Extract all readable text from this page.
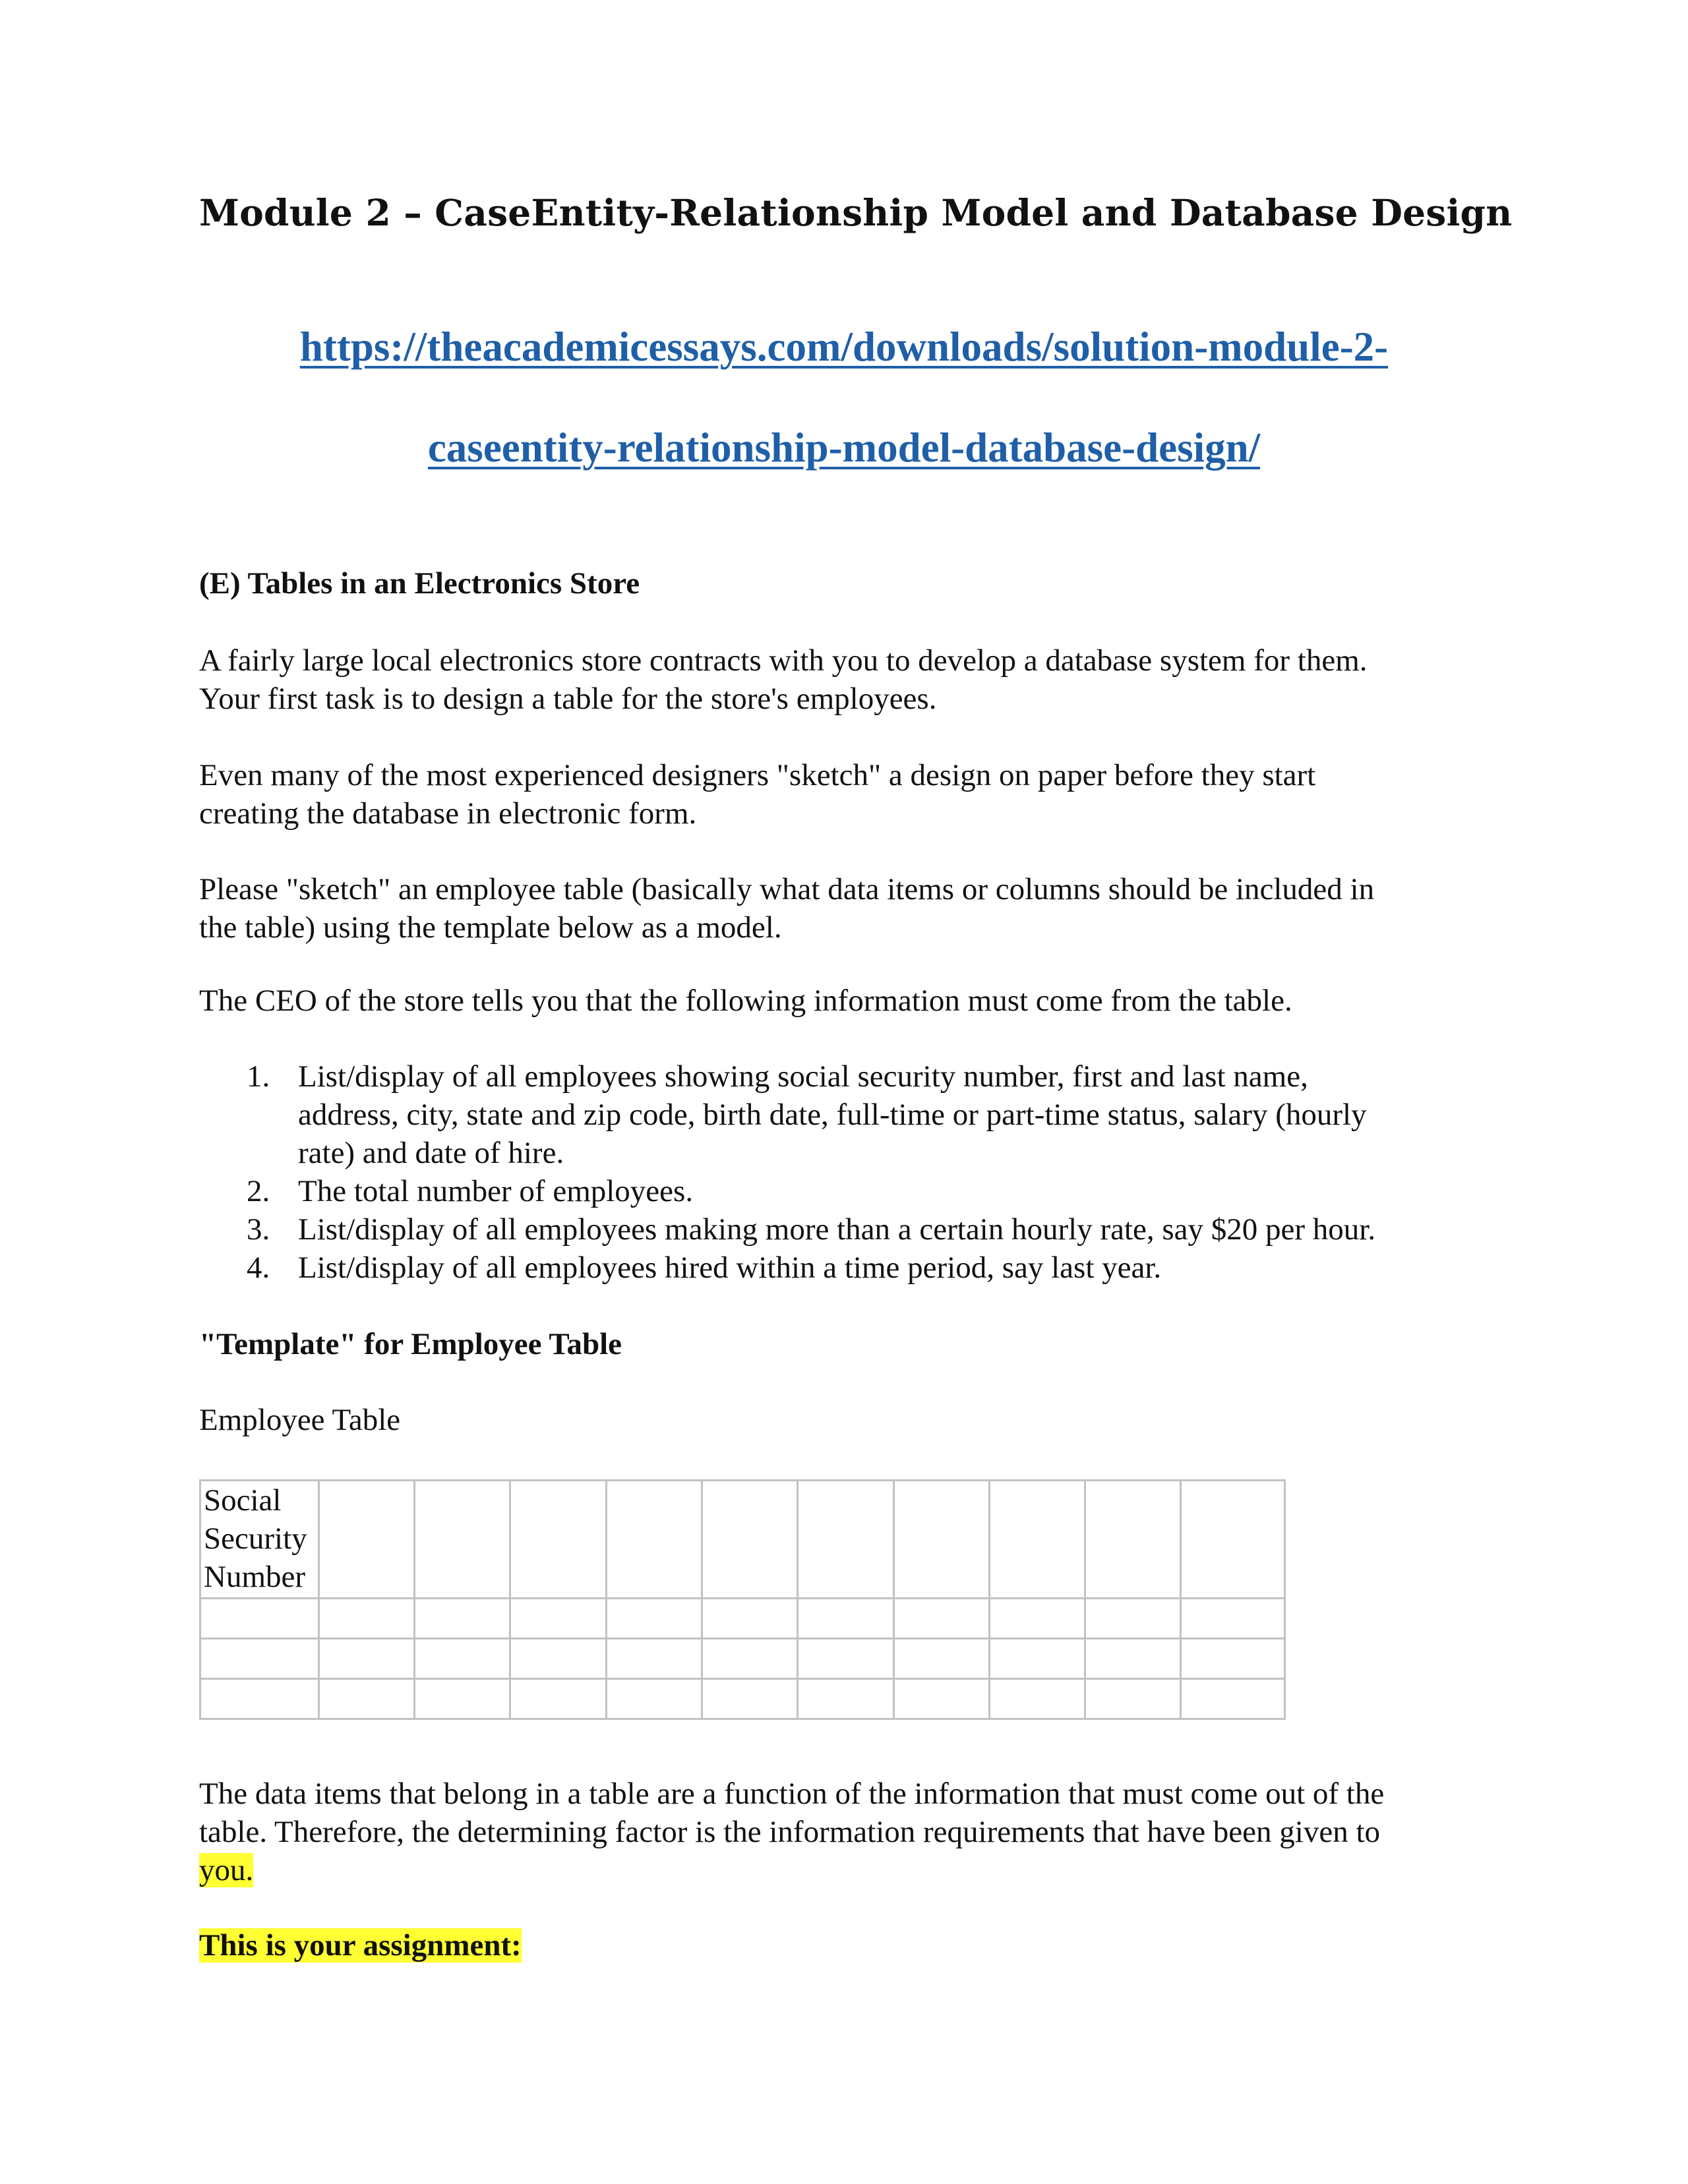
Module 2 – CaseEntity-Relationship Model and Database Design
https://theacademicessays.com/downloads/solution-module-2-
caseentity-relationship-model-database-design/
(E) Tables in an Electronics Store
A fairly large local electronics store contracts with you to develop a database system for them.
Your first task is to design a table for the store's employees.
Even many of the most experienced designers "sketch" a design on paper before they start
creating the database in electronic form.
Please "sketch" an employee table (basically what data items or columns should be included in
the table) using the template below as a model.
The CEO of the store tells you that the following information must come from the table.
1. List/display of all employees showing social security number, first and last name,
address, city, state and zip code, birth date, full-time or part-time status, salary (hourly
rate) and date of hire.
2. The total number of employees.
3. List/display of all employees making more than a certain hourly rate, say $20 per hour.
4. List/display of all employees hired within a time period, say last year.
"Template" for Employee Table
Employee Table
Social
Security
Number										

The data items that belong in a table are a function of the information that must come out of the
table. Therefore, the determining factor is the information requirements that have been given to
you.
This is your assignment:
